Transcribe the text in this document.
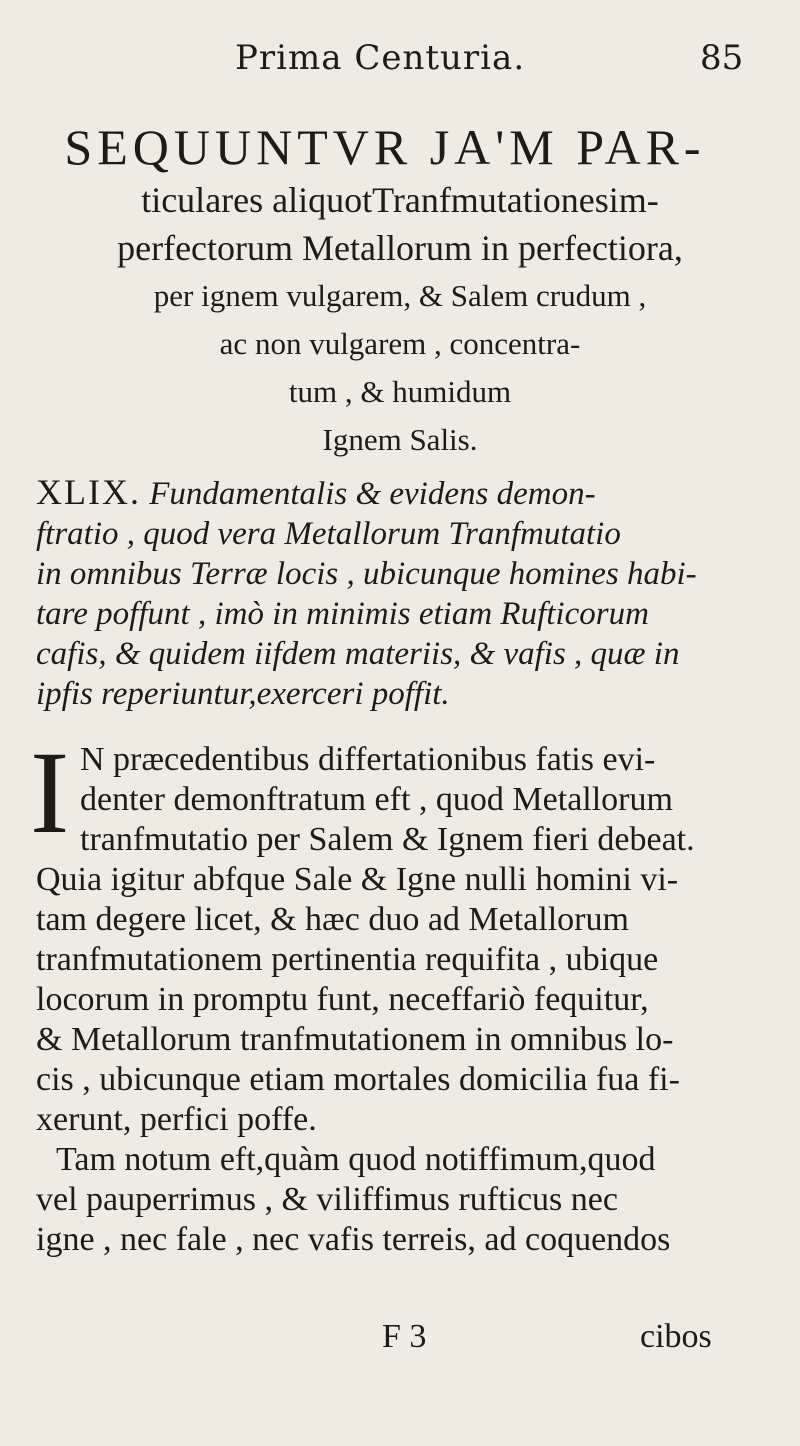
Prima Centuria.	85
SEQUUNTVR JA'M PAR-
ticulares aliquotTranfmutationesim-
perfectorum Metallorum in perfectiora,
per ignem vulgarem, & Salem crudum ,
ac non vulgarem , concentra-
tum , & humidum
Ignem Salis.
XLIX. Fundamentalis & evidens demon-
ftratio , quod vera Metallorum Tranfmutatio
in omnibus Terræ locis , ubicunque homines habi-
tare poffunt , imò in minimis etiam Rufticorum
cafis, & quidem iifdem materiis, & vafis , quæ in
ipfis reperiuntur,exerceri poffit.
I N præcedentibus differtationibus fatis evi-
denter demonftratum eft , quod Metallorum
tranfmutatio per Salem & Ignem fieri debeat.
Quia igitur abfque Sale & Igne nulli homini vi-
tam degere licet, & hæc duo ad Metallorum
tranfmutationem pertinentia requifita , ubique
locorum in promptu funt, neceffariò fequitur,
& Metallorum tranfmutationem in omnibus lo-
cis , ubicunque etiam mortales domicilia fua fi-
xerunt, perfici poffe.
Tam notum eft,quàm quod notiffimum,quod
vel pauperrimus , & viliffimus rufticus nec
igne , nec fale , nec vafis terreis, ad coquendos
F 3	cibos
